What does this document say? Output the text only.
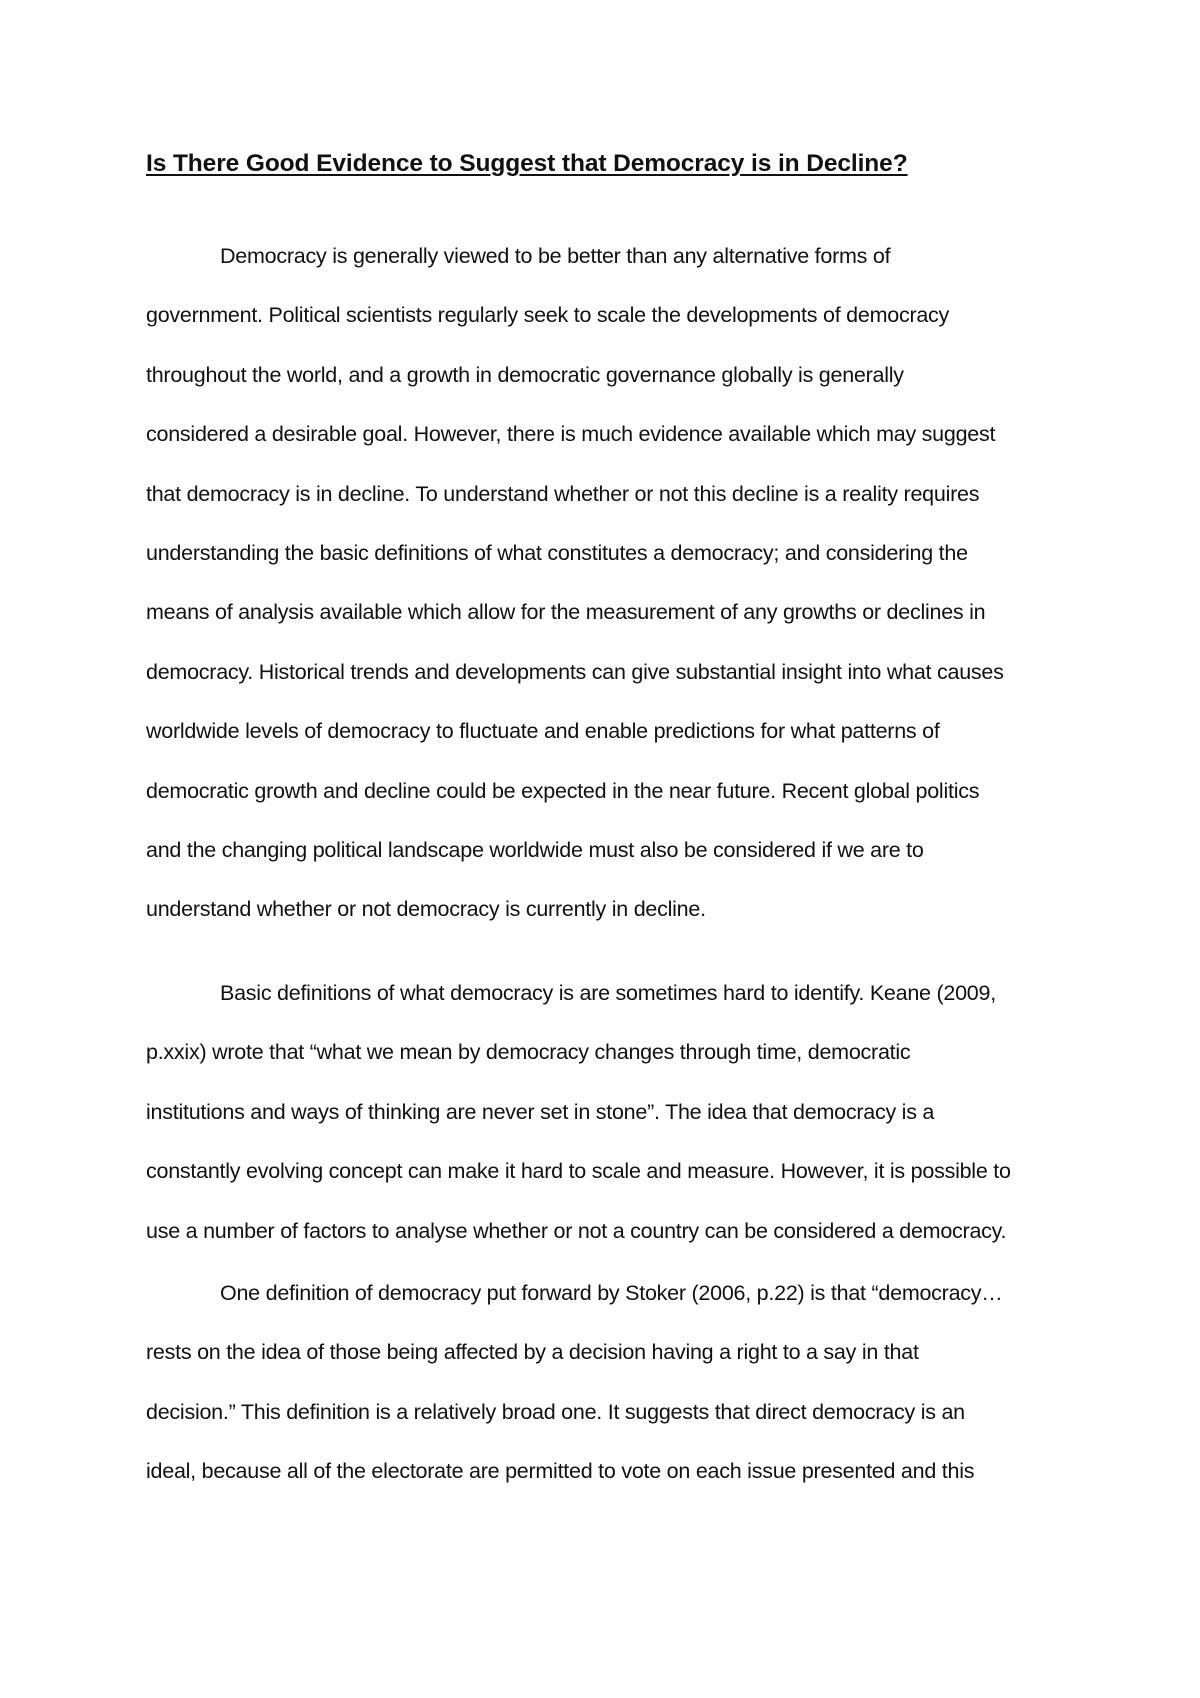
Is There Good Evidence to Suggest that Democracy is in Decline?
Democracy is generally viewed to be better than any alternative forms of
government. Political scientists regularly seek to scale the developments of democracy
throughout the world, and a growth in democratic governance globally is generally
considered a desirable goal. However, there is much evidence available which may suggest
that democracy is in decline. To understand whether or not this decline is a reality requires
understanding the basic definitions of what constitutes a democracy; and considering the
means of analysis available which allow for the measurement of any growths or declines in
democracy. Historical trends and developments can give substantial insight into what causes
worldwide levels of democracy to fluctuate and enable predictions for what patterns of
democratic growth and decline could be expected in the near future. Recent global politics
and the changing political landscape worldwide must also be considered if we are to
understand whether or not democracy is currently in decline.
Basic definitions of what democracy is are sometimes hard to identify. Keane (2009,
p.xxix) wrote that “what we mean by democracy changes through time, democratic
institutions and ways of thinking are never set in stone”. The idea that democracy is a
constantly evolving concept can make it hard to scale and measure. However, it is possible to
use a number of factors to analyse whether or not a country can be considered a democracy.
One definition of democracy put forward by Stoker (2006, p.22) is that “democracy…
rests on the idea of those being affected by a decision having a right to a say in that
decision.” This definition is a relatively broad one. It suggests that direct democracy is an
ideal, because all of the electorate are permitted to vote on each issue presented and this
